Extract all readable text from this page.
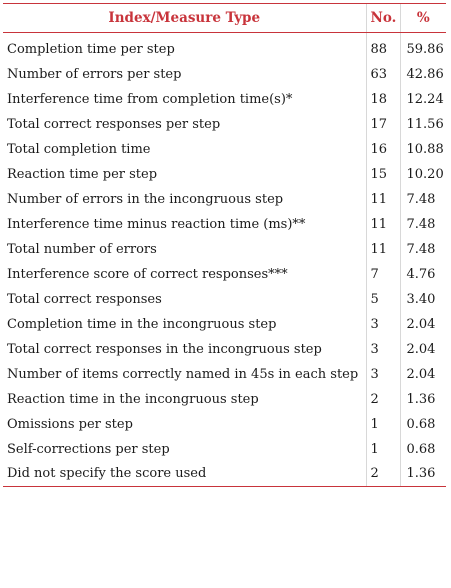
Index/Measure Type	No.	%

Completion time per step	88	59.86
Number of errors per step	63	42.86
Interference time from completion time(s)*	18	12.24
Total correct responses per step	17	11.56
Total completion time	16	10.88
Reaction time per step	15	10.20
Number of errors in the incongruous step	11	7.48
Interference time minus reaction time (ms)**	11	7.48
Total number of errors	11	7.48
Interference score of correct responses***	7	4.76
Total correct responses	5	3.40
Completion time in the incongruous step	3	2.04
Total correct responses in the incongruous step	3	2.04
Number of items correctly named in 45s in each step	3	2.04
Reaction time in the incongruous step	2	1.36
Omissions per step	1	0.68
Self-corrections per step	1	0.68
Did not specify the score used	2	1.36
